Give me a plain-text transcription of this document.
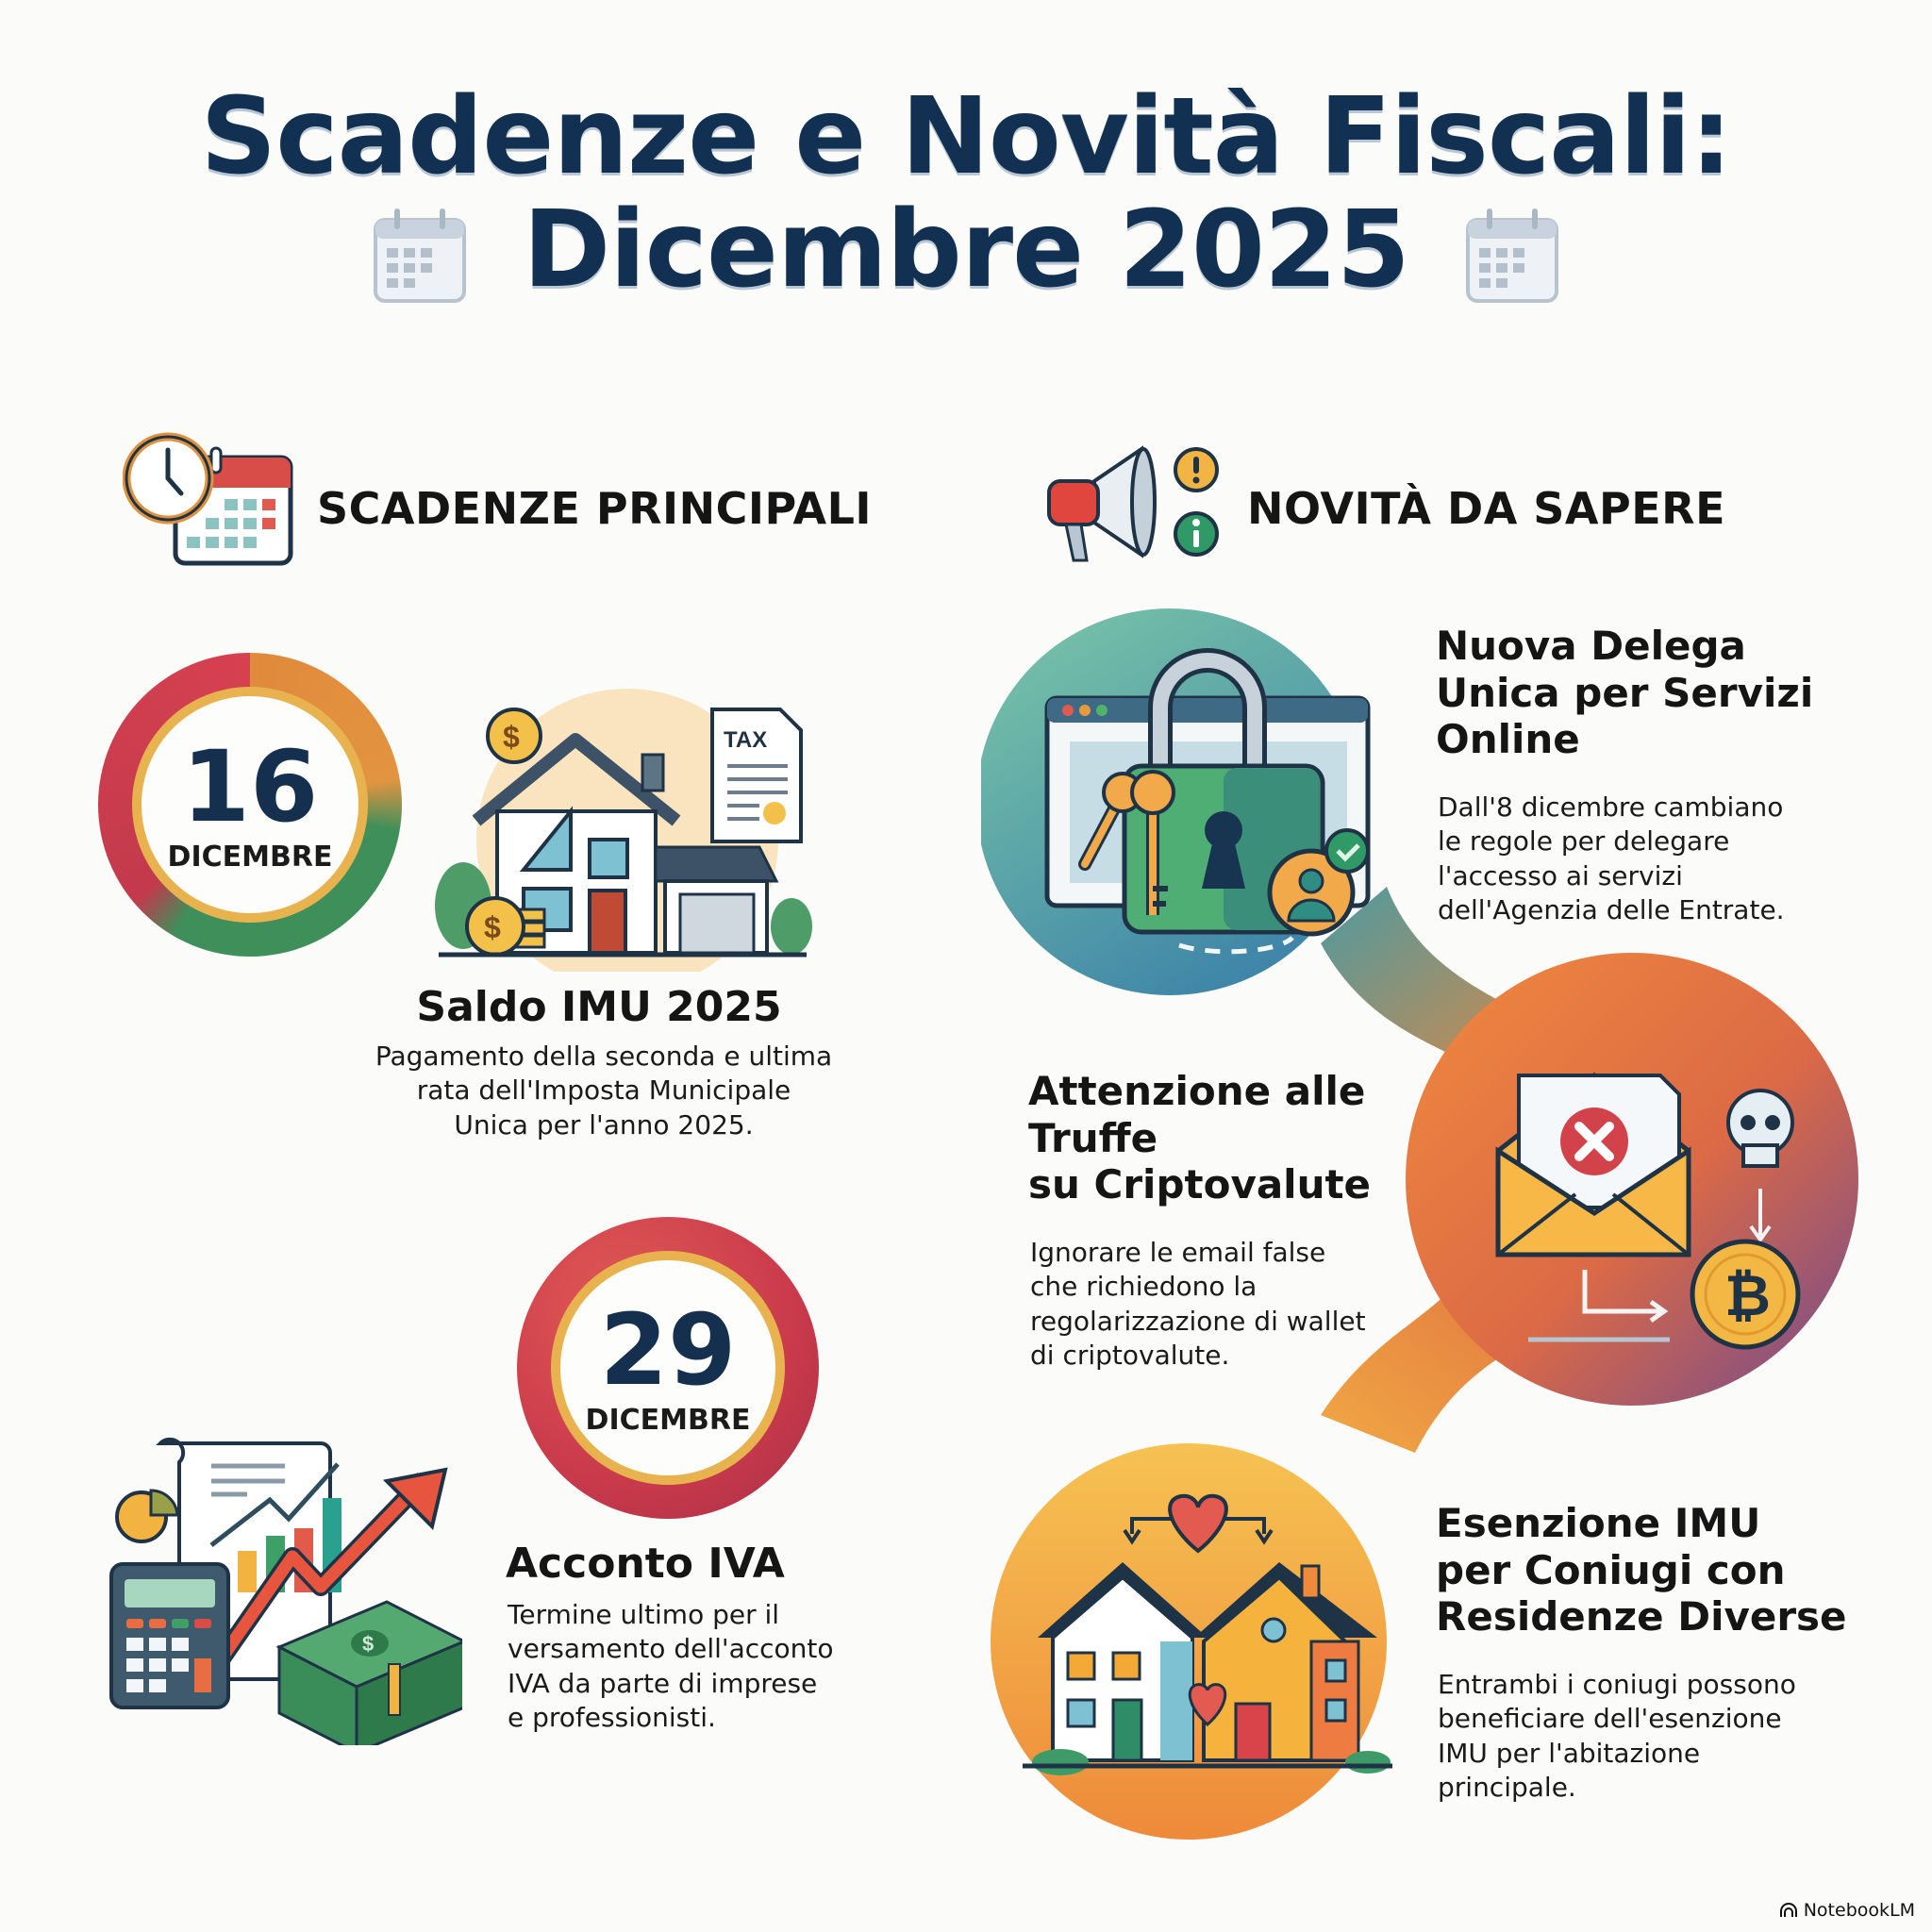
Scadenze e Novità Fiscali:
Dicembre 2025
SCADENZE PRINCIPALI	NOVITÀ DA SAPERE
16
DICEMBRE
TAX
$
$
Saldo IMU 2025
Pagamento della seconda e ultima
rata dell'Imposta Municipale
Unica per l'anno 2025.
29
DICEMBRE
$
Acconto IVA
Termine ultimo per il
versamento dell'acconto
IVA da parte di imprese
e professionisti.
Nuova Delega
Unica per Servizi
Online
Dall'8 dicembre cambiano
le regole per delegare
l'accesso ai servizi
dell'Agenzia delle Entrate.
₿
Attenzione alle
Truffe
su Criptovalute
Ignorare le email false
che richiedono la
regolarizzazione di wallet
di criptovalute.
Esenzione IMU
per Coniugi con
Residenze Diverse
Entrambi i coniugi possono
beneficiare dell'esenzione
IMU per l'abitazione
principale.
NotebookLM
